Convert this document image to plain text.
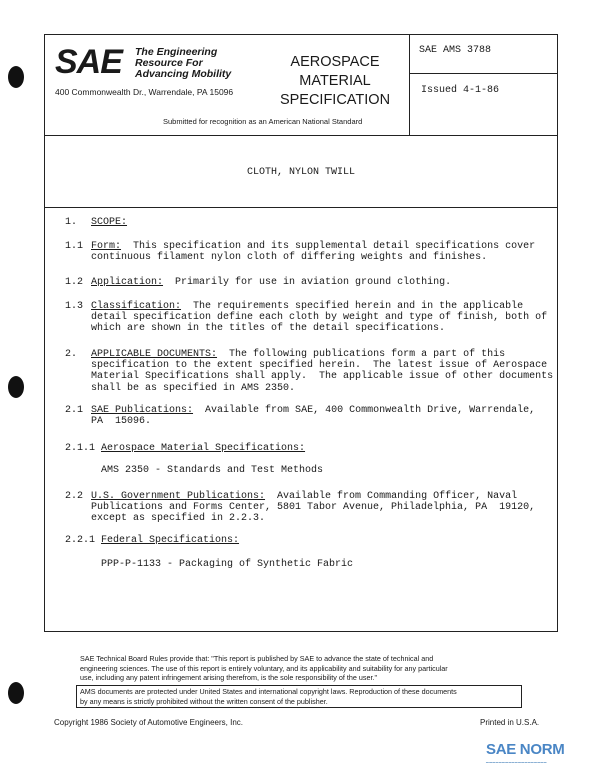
SAE The Engineering
Resource For
Advancing Mobility
400 Commonwealth Dr., Warrendale, PA 15096
AEROSPACE
MATERIAL
SPECIFICATION
Submitted for recognition as an American National Standard
SAE AMS 3788
Issued 4-1-86
CLOTH, NYLON TWILL
1. SCOPE:
1.1 Form: This specification and its supplemental detail specifications cover
continuous filament nylon cloth of differing weights and finishes.
1.2 Application: Primarily for use in aviation ground clothing.
1.3 Classification: The requirements specified herein and in the applicable
detail specification define each cloth by weight and type of finish, both of
which are shown in the titles of the detail specifications.
2. APPLICABLE DOCUMENTS: The following publications form a part of this
specification to the extent specified herein.  The latest issue of Aerospace
Material Specifications shall apply.  The applicable issue of other documents
shall be as specified in AMS 2350.
2.1 SAE Publications: Available from SAE, 400 Commonwealth Drive, Warrendale,
PA  15096.
2.1.1 Aerospace Material Specifications:
AMS 2350 - Standards and Test Methods
2.2 U.S. Government Publications: Available from Commanding Officer, Naval
Publications and Forms Center, 5801 Tabor Avenue, Philadelphia, PA  19120,
except as specified in 2.2.3.
2.2.1 Federal Specifications:
PPP-P-1133 - Packaging of Synthetic Fabric
SAE Technical Board Rules provide that: "This report is published by SAE to advance the state of technical and
engineering sciences. The use of this report is entirely voluntary, and its applicability and suitability for any particular
use, including any patent infringement arising therefrom, is the sole responsibility of the user."
AMS documents are protected under United States and international copyright laws. Reproduction of these documents
by any means is strictly prohibited without the written consent of the publisher.
Copyright 1986 Society of Automotive Engineers, Inc.	Printed in U.S.A.
SAE NORM
━━━━━━━━━━━━━━━━━━━
